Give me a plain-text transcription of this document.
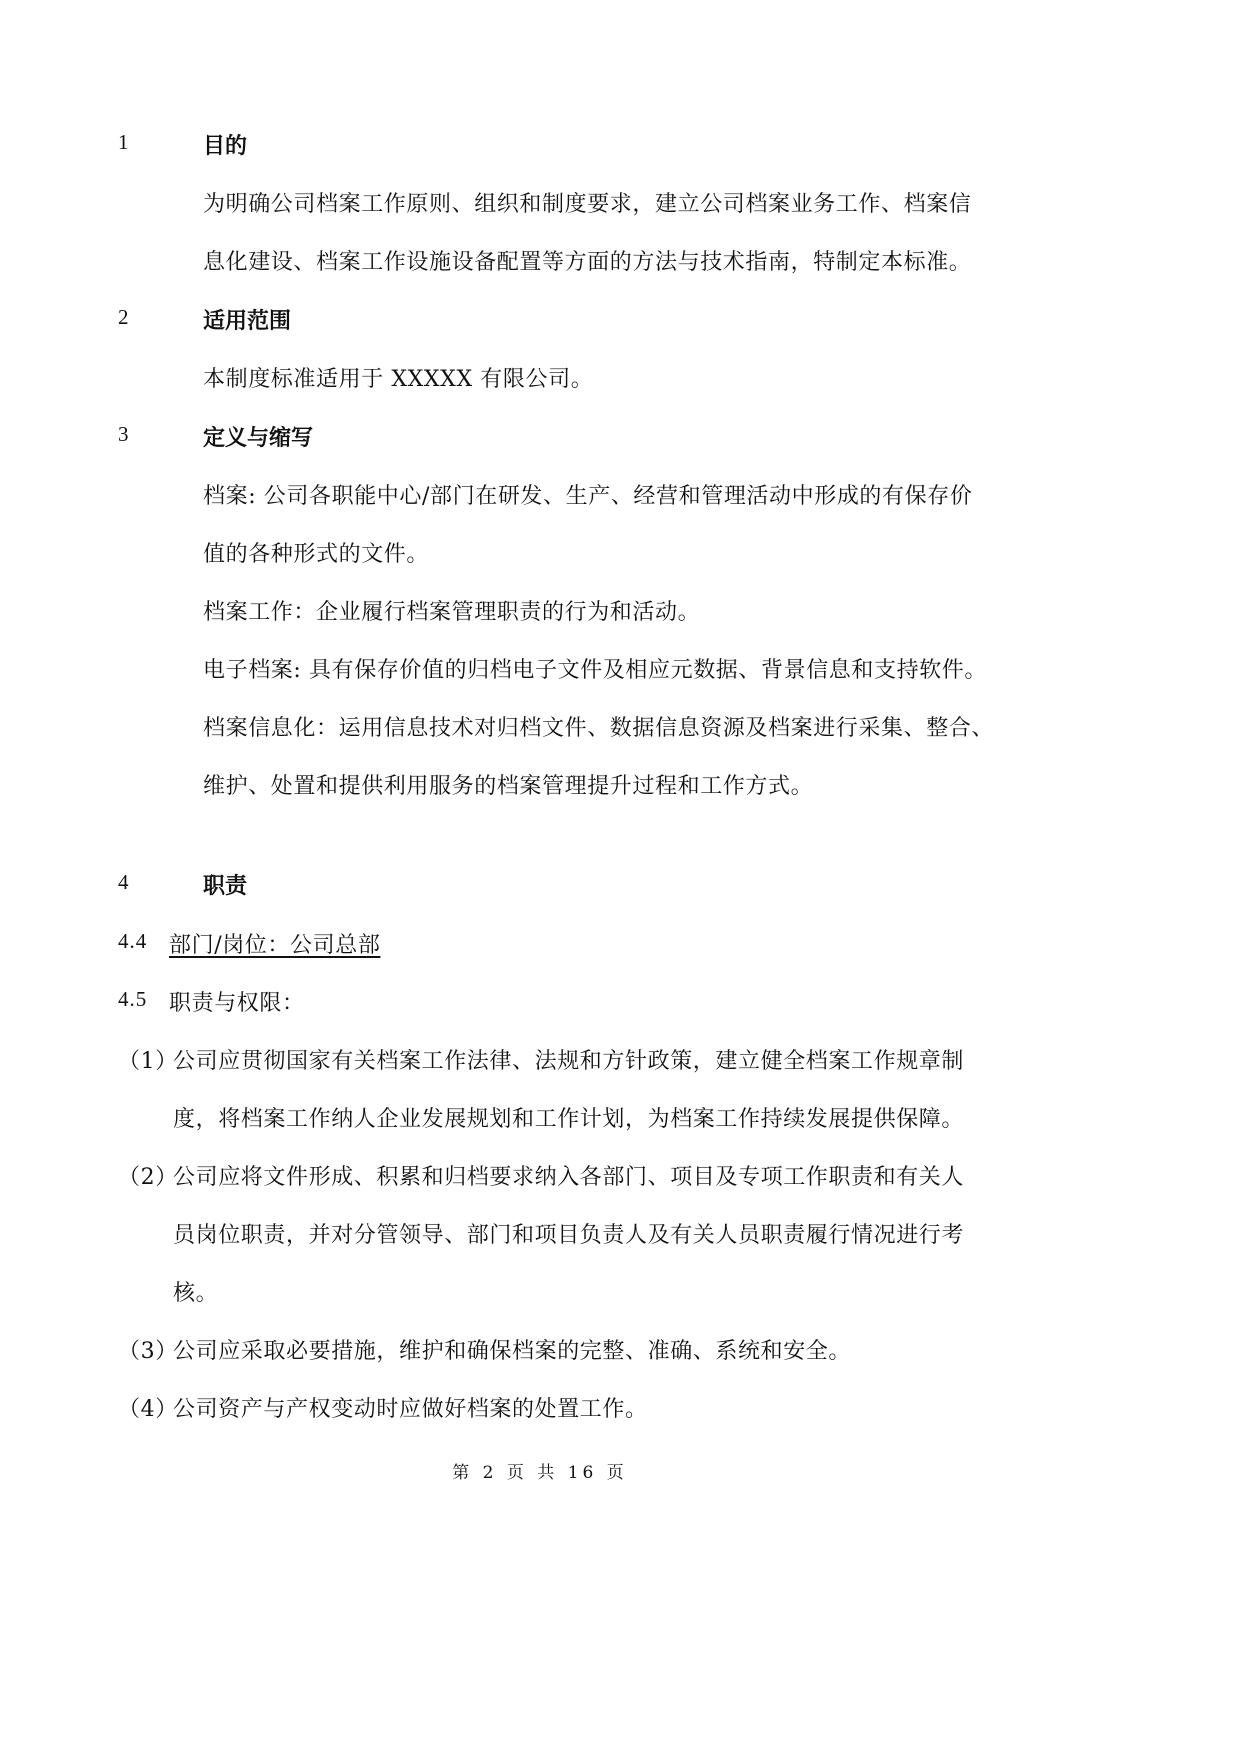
1	目的
为明确公司档案工作原则、组织和制度要求，建立公司档案业务工作、档案信
息化建设、档案工作设施设备配置等方面的方法与技术指南，特制定本标准。
2	适用范围
本制度标准适用于 XXXXX 有限公司。
3	定义与缩写
档案: 公司各职能中心/部门在研发、生产、经营和管理活动中形成的有保存价
值的各种形式的文件。
档案工作：企业履行档案管理职责的行为和活动。
电子档案: 具有保存价值的归档电子文件及相应元数据、背景信息和支持软件。
档案信息化：运用信息技术对归档文件、数据信息资源及档案进行采集、整合、
维护、处置和提供利用服务的档案管理提升过程和工作方式。
4	职责
4.4 部门/岗位：公司总部
4.5 职责与权限：
（1）
公司应贯彻国家有关档案工作法律、法规和方针政策，建立健全档案工作规章制
度，将档案工作纳人企业发展规划和工作计划，为档案工作持续发展提供保障。
（2）
公司应将文件形成、积累和归档要求纳入各部门、项目及专项工作职责和有关人
员岗位职责，并对分管领导、部门和项目负责人及有关人员职责履行情况进行考
核。
（3）
公司应采取必要措施，维护和确保档案的完整、准确、系统和安全。
（4）
公司资产与产权变动时应做好档案的处置工作。
第 2 页 共 16 页
